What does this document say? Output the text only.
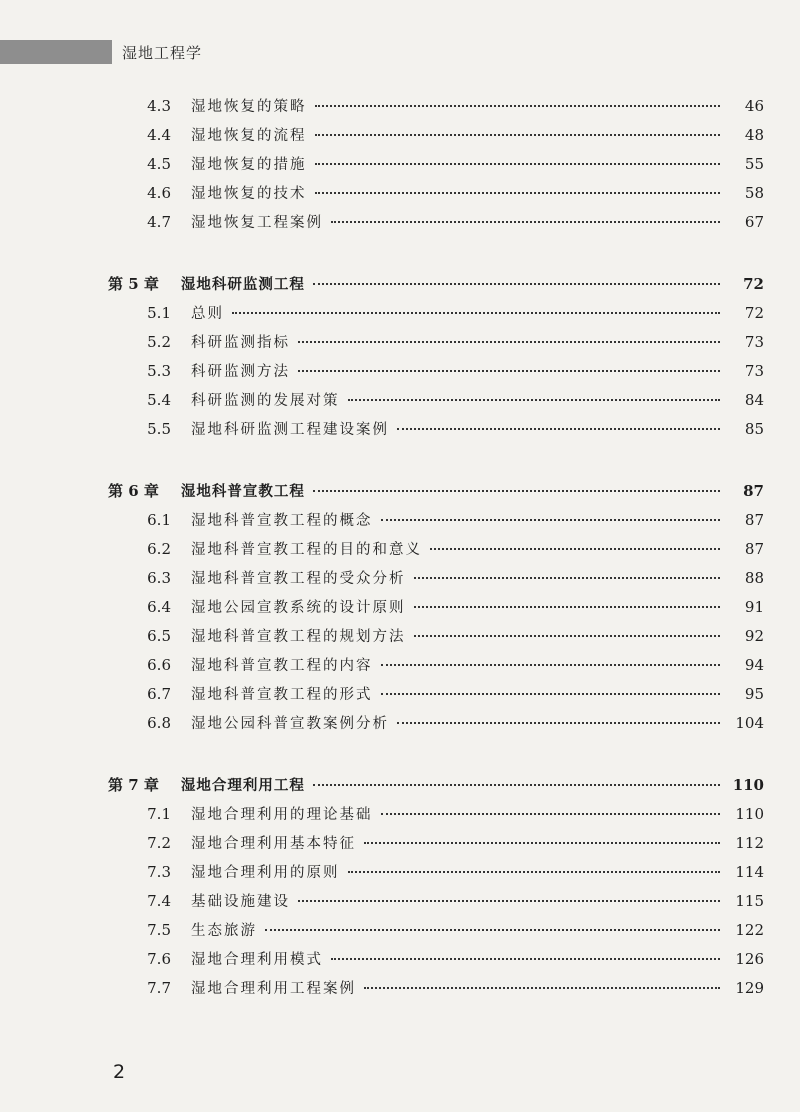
湿地工程学
4.3 湿地恢复的策略	46
4.4 湿地恢复的流程	48
4.5 湿地恢复的措施	55
4.6 湿地恢复的技术	58
4.7 湿地恢复工程案例	67
第 5 章 湿地科研监测工程	72
5.1 总则	72
5.2 科研监测指标	73
5.3 科研监测方法	73
5.4 科研监测的发展对策	84
5.5 湿地科研监测工程建设案例	85
第 6 章 湿地科普宣教工程	87
6.1 湿地科普宣教工程的概念	87
6.2 湿地科普宣教工程的目的和意义	87
6.3 湿地科普宣教工程的受众分析	88
6.4 湿地公园宣教系统的设计原则	91
6.5 湿地科普宣教工程的规划方法	92
6.6 湿地科普宣教工程的内容	94
6.7 湿地科普宣教工程的形式	95
6.8 湿地公园科普宣教案例分析	104
第 7 章 湿地合理利用工程	110
7.1 湿地合理利用的理论基础	110
7.2 湿地合理利用基本特征	112
7.3 湿地合理利用的原则	114
7.4 基础设施建设	115
7.5 生态旅游	122
7.6 湿地合理利用模式	126
7.7 湿地合理利用工程案例	129
2
